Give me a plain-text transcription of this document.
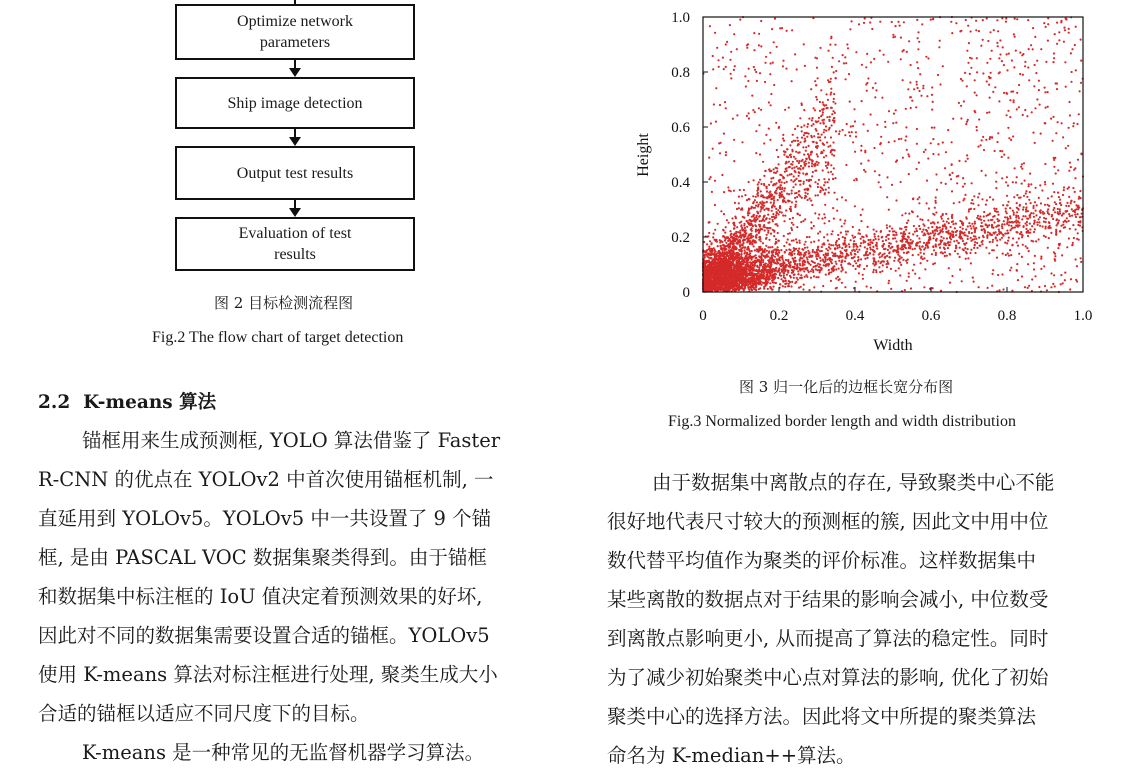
Optimize network parameters
Ship image detection
Output test results
Evaluation of test results
图 2 目标检测流程图
Fig.2 The flow chart of target detection
0	0.2	0.4	0.6	0.8	1.0
0
0.2
0.4
0.6
0.8
1.0
Width
Height
图 3 归一化后的边框长宽分布图
Fig.3 Normalized border length and width distribution
2.2 K-means 算法
锚框用来生成预测框, YOLO 算法借鉴了 Faster
R-CNN 的优点在 YOLOv2 中首次使用锚框机制, 一
直延用到 YOLOv5。YOLOv5 中一共设置了 9 个锚
框, 是由 PASCAL VOC 数据集聚类得到。由于锚框
和数据集中标注框的 IoU 值决定着预测效果的好坏,
因此对不同的数据集需要设置合适的锚框。YOLOv5
使用 K-means 算法对标注框进行处理, 聚类生成大小
合适的锚框以适应不同尺度下的目标。
K-means 是一种常见的无监督机器学习算法。
由于数据集中离散点的存在, 导致聚类中心不能
很好地代表尺寸较大的预测框的簇, 因此文中用中位
数代替平均值作为聚类的评价标准。这样数据集中
某些离散的数据点对于结果的影响会减小, 中位数受
到离散点影响更小, 从而提高了算法的稳定性。同时
为了减少初始聚类中心点对算法的影响, 优化了初始
聚类中心的选择方法。因此将文中所提的聚类算法
命名为 K-median++算法。
